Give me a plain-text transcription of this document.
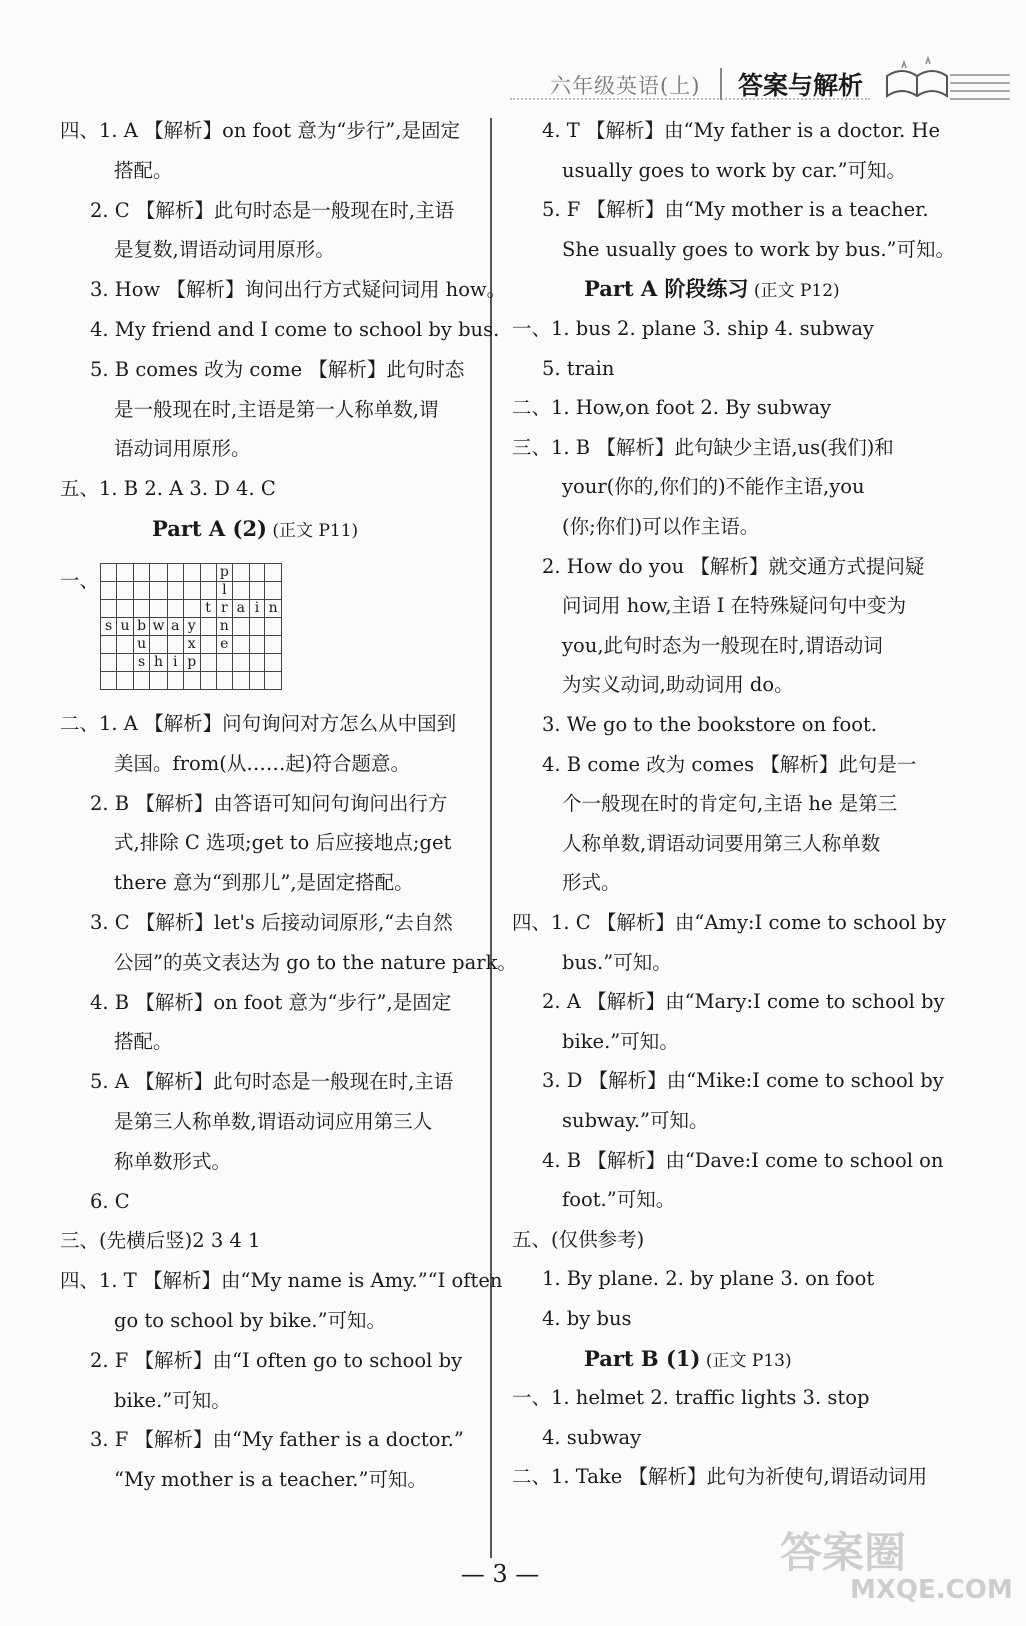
六年级英语(上) 答案与解析
四、1. A 【解析】on foot 意为“步行”,是固定
搭配。
2. C 【解析】此句时态是一般现在时,主语
是复数,谓语动词用原形。
3. How 【解析】询问出行方式疑问词用 how。
4. My friend and I come to school by bus.
5. B comes 改为 come 【解析】此句时态
是一般现在时,主语是第一人称单数,谓
语动词用原形。
五、1. B 2. A 3. D 4. C
Part A (2) (正文 P11)
一、
二、1. A 【解析】问句询问对方怎么从中国到
美国。from(从……起)符合题意。
2. B 【解析】由答语可知问句询问出行方
式,排除 C 选项;get to 后应接地点;get
there 意为“到那儿”,是固定搭配。
3. C 【解析】let's 后接动词原形,“去自然
公园”的英文表达为 go to the nature park。
4. B 【解析】on foot 意为“步行”,是固定
搭配。
5. A 【解析】此句时态是一般现在时,主语
是第三人称单数,谓语动词应用第三人
称单数形式。
6. C
三、(先横后竖)2 3 4 1
四、1. T 【解析】由“My name is Amy.”“I often
go to school by bike.”可知。
2. F 【解析】由“I often go to school by
bike.”可知。
3. F 【解析】由“My father is a doctor.”
“My mother is a teacher.”可知。
4. T 【解析】由“My father is a doctor. He
usually goes to work by car.”可知。
5. F 【解析】由“My mother is a teacher.
She usually goes to work by bus.”可知。
Part A 阶段练习 (正文 P12)
一、1. bus 2. plane 3. ship 4. subway
5. train
二、1. How,on foot 2. By subway
三、1. B 【解析】此句缺少主语,us(我们)和
your(你的,你们的)不能作主语,you
(你;你们)可以作主语。
2. How do you 【解析】就交通方式提问疑
问词用 how,主语 I 在特殊疑问句中变为
you,此句时态为一般现在时,谓语动词
为实义动词,助动词用 do。
3. We go to the bookstore on foot.
4. B come 改为 comes 【解析】此句是一
个一般现在时的肯定句,主语 he 是第三
人称单数,谓语动词要用第三人称单数
形式。
四、1. C 【解析】由“Amy:I come to school by
bus.”可知。
2. A 【解析】由“Mary:I come to school by
bike.”可知。
3. D 【解析】由“Mike:I come to school by
subway.”可知。
4. B 【解析】由“Dave:I come to school on
foot.”可知。
五、(仅供参考)
1. By plane. 2. by plane 3. on foot
4. by bus
Part B (1) (正文 P13)
一、1. helmet 2. traffic lights 3. stop
4. subway
二、1. Take 【解析】此句为祈使句,谓语动词用
							p			
							l			
						t	r	a	i	n
s	u	b	w	a	y		n			
		u			x		e			
		s	h	i	p					

— 3 —	答案圈
MXQE.COM
